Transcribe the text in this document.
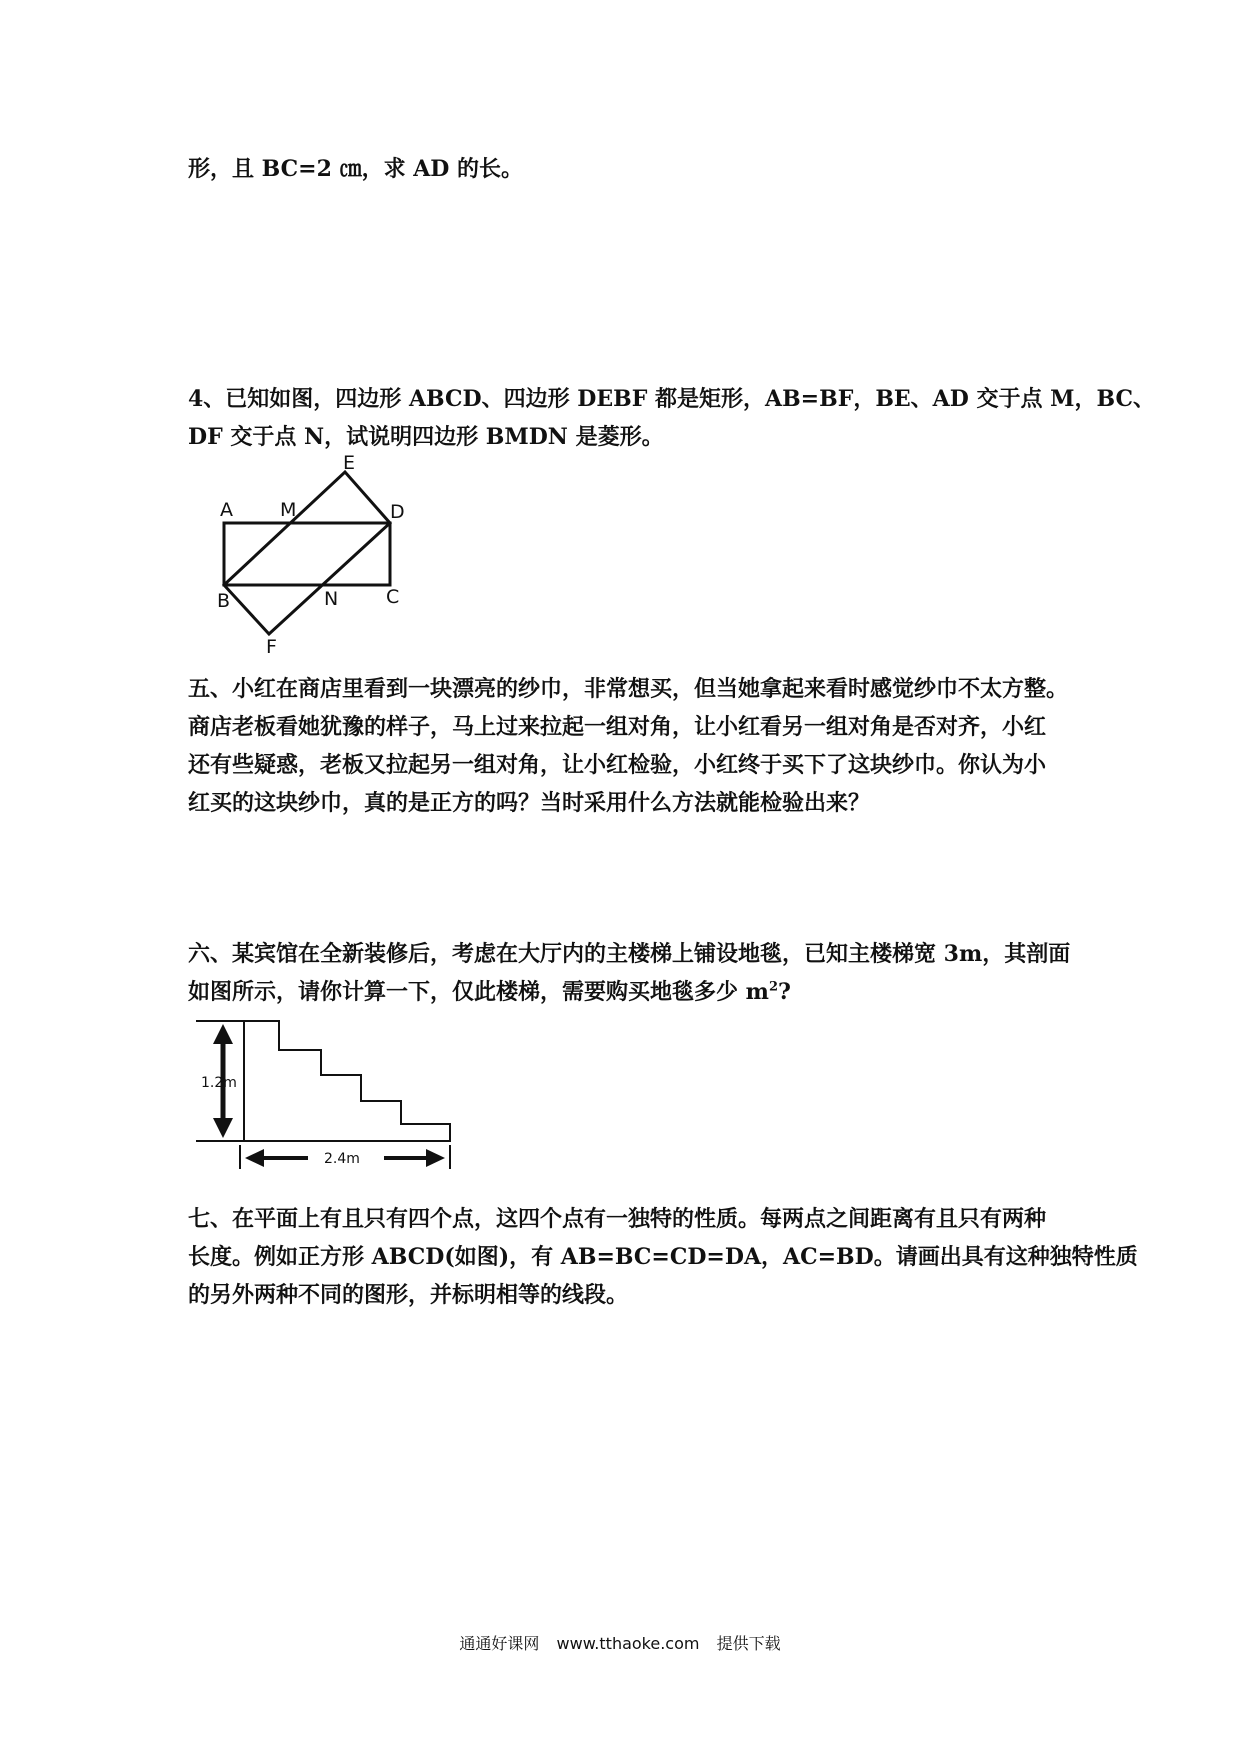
形，且 BC=2 ㎝，求 AD 的长。

4、已知如图，四边形 ABCD、四边形 DEBF 都是矩形，AB=BF，BE、AD 交于点 M，BC、
DF 交于点 N，试说明四边形 BMDN 是菱形。

E
A M	D
B	N	C
F

五、小红在商店里看到一块漂亮的纱巾，非常想买，但当她拿起来看时感觉纱巾不太方整。
商店老板看她犹豫的样子，马上过来拉起一组对角，让小红看另一组对角是否对齐，小红
还有些疑惑，老板又拉起另一组对角，让小红检验，小红终于买下了这块纱巾。你认为小
红买的这块纱巾，真的是正方的吗？当时采用什么方法就能检验出来？

六、某宾馆在全新装修后，考虑在大厅内的主楼梯上铺设地毯，已知主楼梯宽 3m，其剖面
如图所示，请你计算一下，仅此楼梯，需要购买地毯多少 $m^2$?

1.2m
2.4m

七、在平面上有且只有四个点，这四个点有一独特的性质。每两点之间距离有且只有两种
长度。例如正方形 ABCD(如图)，有 AB=BC=CD=DA，AC=BD。请画出具有这种独特性质
的另外两种不同的图形，并标明相等的线段。

通通好课网 www.tthaoke.com 提供下载
